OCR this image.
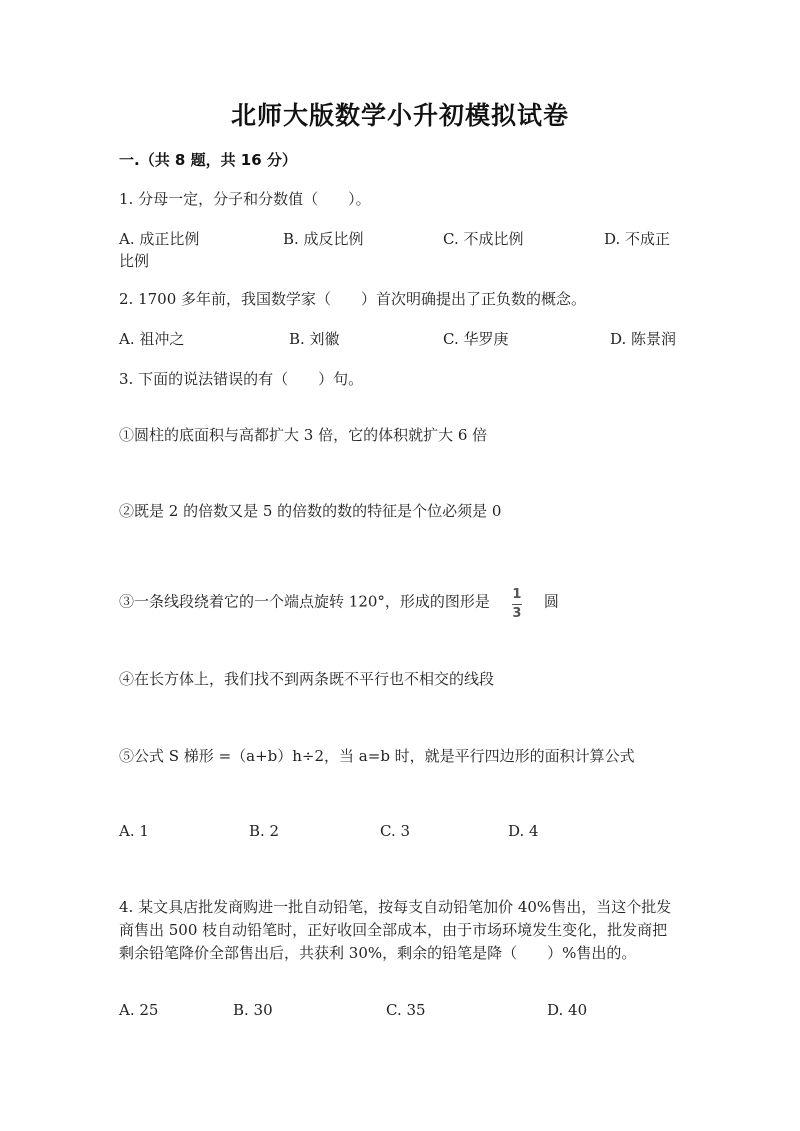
北师大版数学小升初模拟试卷
一.（共 8 题，共 16 分）
1. 分母一定，分子和分数值（　　）。
A. 成正比例	B. 成反比例	C. 不成比例	D. 不成正
比例
2. 1700 多年前，我国数学家（　　）首次明确提出了正负数的概念。
A. 祖冲之	B. 刘徽	C. 华罗庚	D. 陈景润
3. 下面的说法错误的有（　　）句。
①圆柱的底面积与高都扩大 3 倍，它的体积就扩大 6 倍
②既是 2 的倍数又是 5 的倍数的数的特征是个位必须是 0
③一条线段绕着它的一个端点旋转 120°，形成的图形是 $\frac{1}{3}$ 圆
④在长方体上，我们找不到两条既不平行也不相交的线段
⑤公式 S 梯形 =（a+b）h÷2，当 a=b 时，就是平行四边形的面积计算公式
A. 1	B. 2	C. 3	D. 4
4. 某文具店批发商购进一批自动铅笔，按每支自动铅笔加价 40%售出，当这个批发商售出 500 枝自动铅笔时，正好收回全部成本，由于市场环境发生变化，批发商把剩余铅笔降价全部售出后，共获利 30%，剩余的铅笔是降（　　）%售出的。
A. 25	B. 30	C. 35	D. 40
